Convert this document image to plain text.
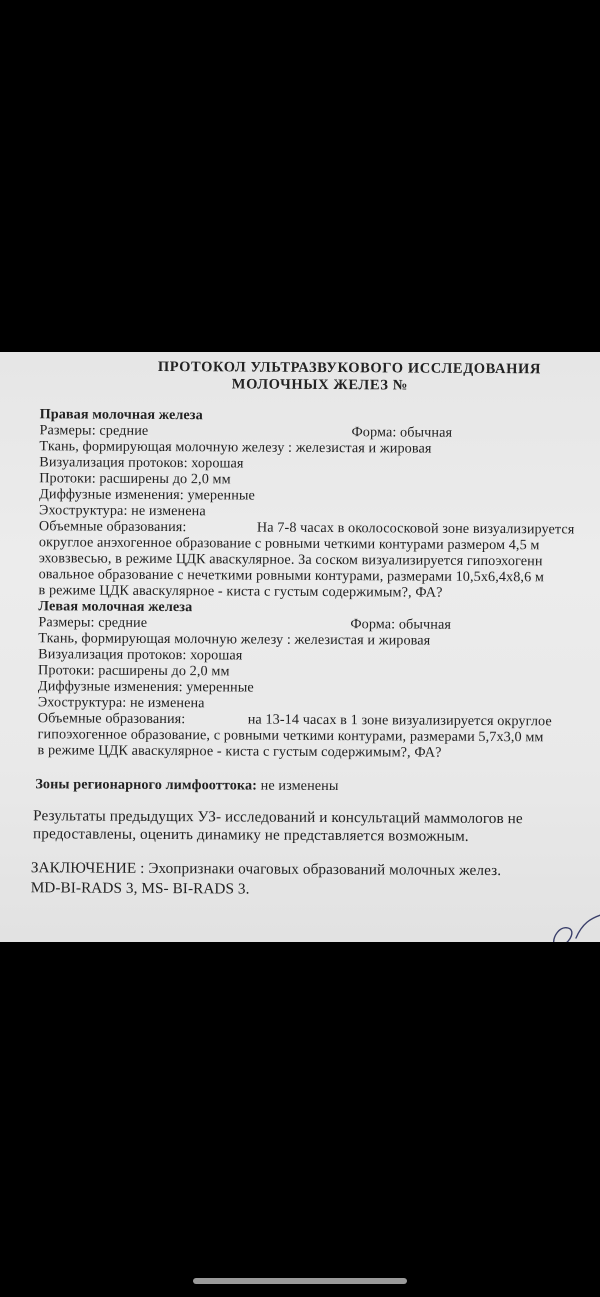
ПРОТОКОЛ УЛЬТРАЗВУКОВОГО ИССЛЕДОВАНИЯ
МОЛОЧНЫХ ЖЕЛЕЗ №
Правая молочная железа
Размеры: средние	Форма: обычная
Ткань, формирующая молочную железу : железистая и жировая
Визуализация протоков: хорошая
Протоки: расширены до 2,0 мм
Диффузные изменения: умеренные
Эхоструктура: не изменена
Объемные образования:	На 7-8 часах в околососковой зоне визуализируется
округлое анэхогенное образование с ровными четкими контурами размером 4,5 м
эховзвесью, в режиме ЦДК аваскулярное. За соском визуализируется гипоэхогенн
овальное образование с нечеткими ровными контурами, размерами 10,5х6,4х8,6 м
в режиме ЦДК аваскулярное - киста с густым содержимым?, ФА?
Левая молочная железа
Размеры: средние	Форма: обычная
Ткань, формирующая молочную железу : железистая и жировая
Визуализация протоков: хорошая
Протоки: расширены до 2,0 мм
Диффузные изменения: умеренные
Эхоструктура: не изменена
Объемные образования:	на 13-14 часах в 1 зоне визуализируется округлое
гипоэхогенное образование, с ровными четкими контурами, размерами 5,7х3,0 мм
в режиме ЦДК аваскулярное - киста с густым содержимым?, ФА?
Зоны регионарного лимфооттока: не изменены
Результаты предыдущих УЗ- исследований и консультаций маммологов не
предоставлены, оценить динамику не представляется возможным.
ЗАКЛЮЧЕНИЕ : Эхопризнаки очаговых образований молочных желез.
MD-BI-RADS 3, MS- BI-RADS 3.
